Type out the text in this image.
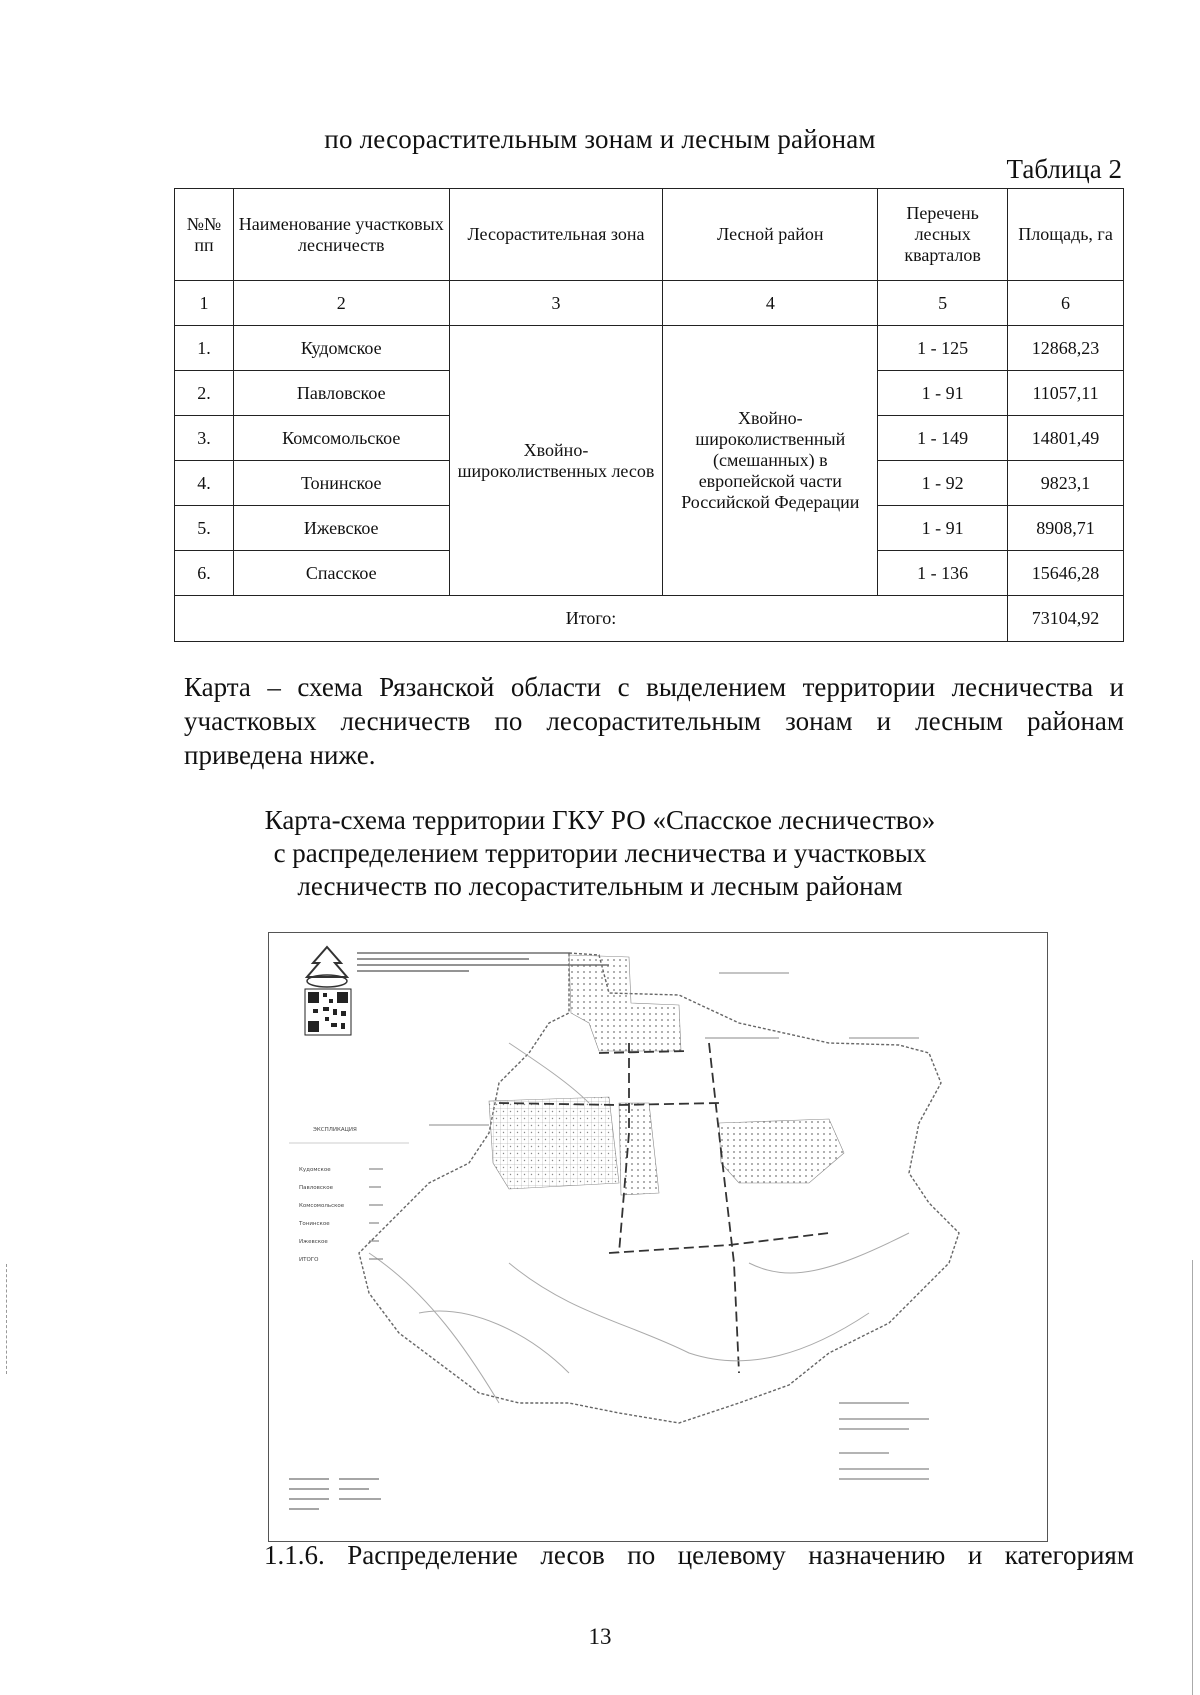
по лесорастительным зонам и лесным районам
Таблица 2
№№ пп	Наименование участковых лесничеств	Лесорастительная зона	Лесной район	Перечень лесных кварталов	Площадь, га
1	2	3	4	5	6
1.	Кудомское	Хвойно-широколиственных лесов	Хвойно-широколиственный (смешанных) в европейской части Российской Федерации	1 - 125	12868,23
2.	Павловское			1 - 91	11057,11
3.	Комсомольское			1 - 149	14801,49
4.	Тонинское			1 - 92	9823,1
5.	Ижевское			1 - 91	8908,71
6.	Спасское			1 - 136	15646,28
Итого:					73104,92
Карта – схема Рязанской области с выделением территории лесничества и участковых лесничеств по лесорастительным зонам и лесным районам приведена ниже.
Карта-схема территории ГКУ РО «Спасское лесничество»
с распределением территории лесничества и участковых
лесничеств по лесорастительным и лесным районам
ЭКСПЛИКАЦИЯ
Кудомское
Павловское
Комсомольское
Тонинское
Ижевское
ИТОГО
1.1.6. Распределение лесов по целевому назначению и категориям
13
